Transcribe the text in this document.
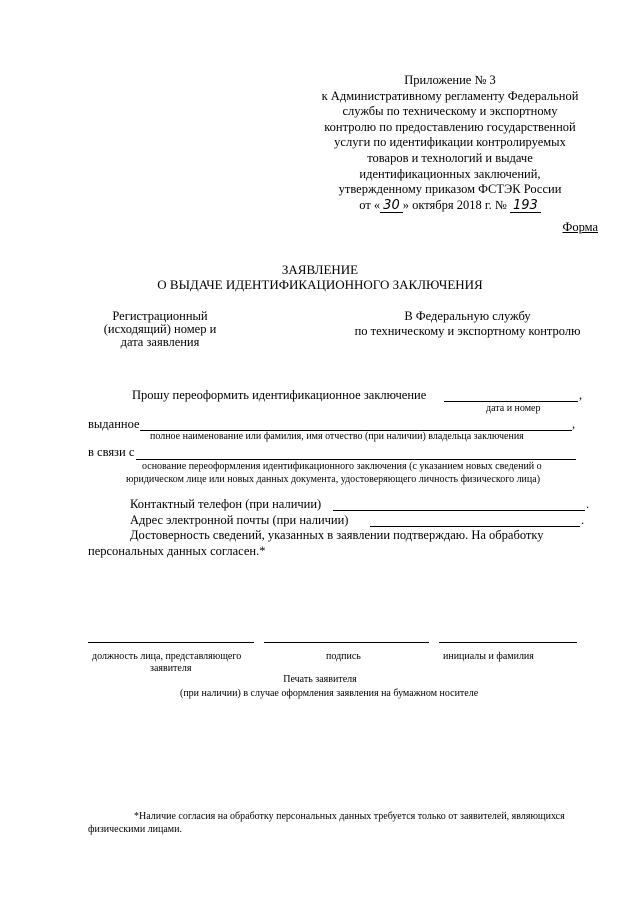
Приложение № 3
к Административному регламенту Федеральной
службы по техническому и экспортному
контролю по предоставлению государственной
услуги по идентификации контролируемых
товаров и технологий и выдаче
идентификационных заключений,
утвержденному приказом ФСТЭК России
от « 30 » октября 2018 г. № 193
Форма
ЗАЯВЛЕНИЕ
О ВЫДАЧЕ ИДЕНТИФИКАЦИОННОГО ЗАКЛЮЧЕНИЯ
Регистрационный
(исходящий) номер и
дата заявления
В Федеральную службу
по техническому и экспортному контролю
Прошу переоформить идентификационное заключение	,
дата и номер
выданное	,
полное наименование или фамилия, имя отчество (при наличии) владельца заключения
в связи с
основание переоформления идентификационного заключения (с указанием новых сведений о
юридическом лице или новых данных документа, удостоверяющего личность физического лица)
Контактный телефон (при наличии)	.
Адрес электронной почты (при наличии)	.
Достоверность сведений, указанных в заявлении подтверждаю. На обработку
персональных данных согласен.*
должность лица, представляющего
заявителя
подпись	инициалы и фамилия
Печать заявителя
(при наличии) в случае оформления заявления на бумажном носителе
*Наличие согласия на обработку персональных данных требуется только от заявителей, являющихся
физическими лицами.
